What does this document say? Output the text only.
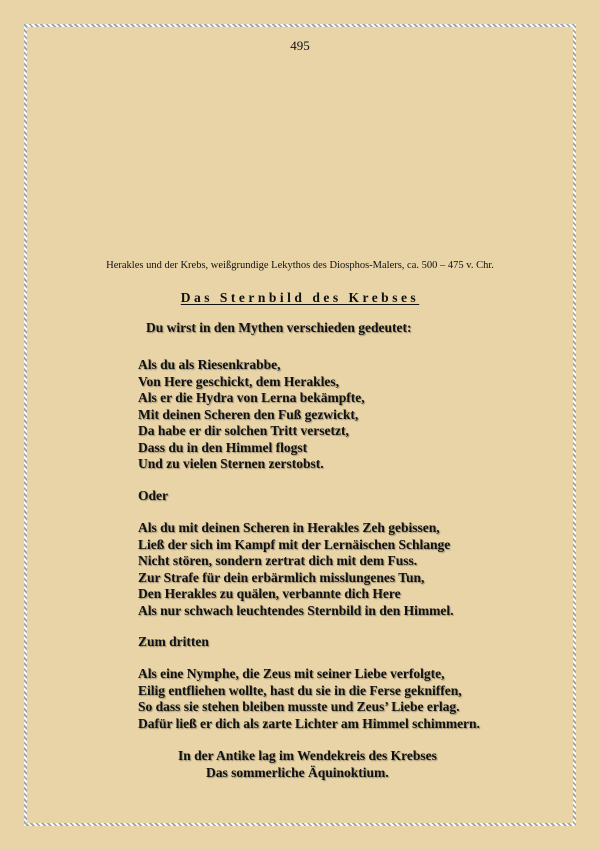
495
Herakles und der Krebs, weißgrundige Lekythos des Diosphos-Malers, ca. 500 – 475 v. Chr.
Das Sternbild des Krebses
Du wirst in den Mythen verschieden gedeutet:
Als du als Riesenkrabbe,
Von Here geschickt, dem Herakles,
Als er die Hydra von Lerna bekämpfte,
Mit deinen Scheren den Fuß gezwickt,
Da habe er dir solchen Tritt versetzt,
Dass du in den Himmel flogst
Und zu vielen Sternen zerstobst.
Oder
Als du mit deinen Scheren in Herakles Zeh gebissen,
Ließ der sich im Kampf mit der Lernäischen Schlange
Nicht stören, sondern zertrat dich mit dem Fuss.
Zur Strafe für dein erbärmlich misslungenes Tun,
Den Herakles zu quälen, verbannte dich Here
Als nur schwach leuchtendes Sternbild in den Himmel.
Zum dritten
Als eine Nymphe, die Zeus mit seiner Liebe verfolgte,
Eilig entfliehen wollte, hast du sie in die Ferse gekniffen,
So dass sie stehen bleiben musste und Zeus’ Liebe erlag.
Dafür ließ er dich als zarte Lichter am Himmel schimmern.
In der Antike lag im Wendekreis des Krebses
Das sommerliche Äquinoktium.
